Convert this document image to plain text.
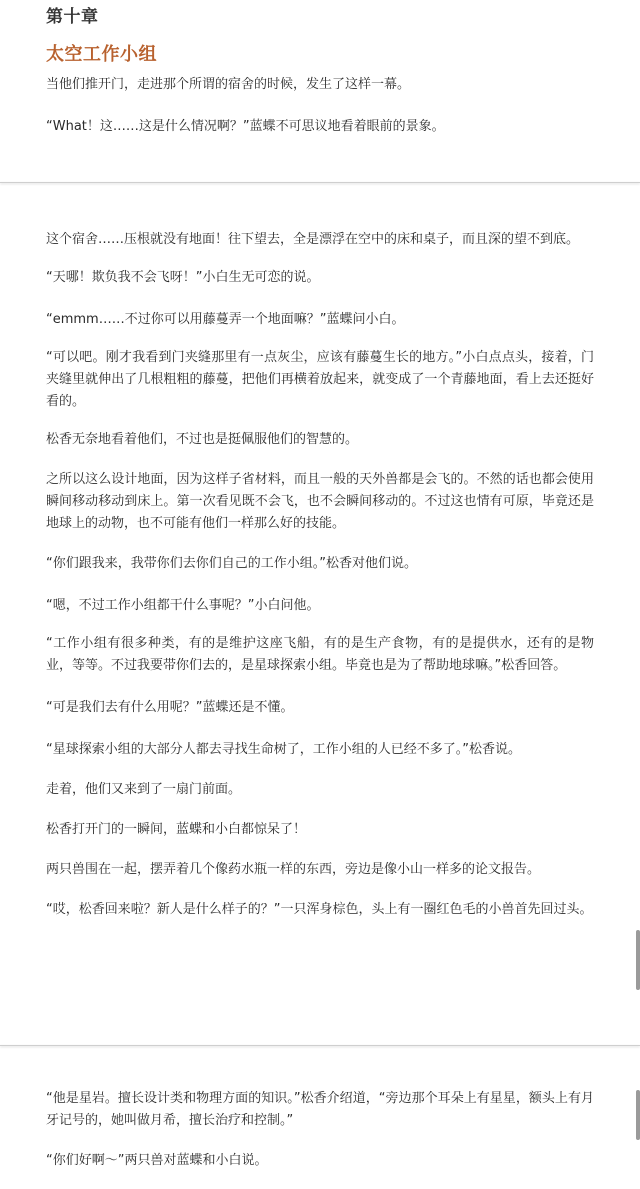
第十章
太空工作小组

当他们推开门，走进那个所谓的宿舍的时候，发生了这样一幕。

“What！这……这是什么情况啊？”蓝蝶不可思议地看着眼前的景象。

这个宿舍……压根就没有地面！往下望去，全是漂浮在空中的床和桌子，而且深的望不到底。

“天哪！欺负我不会飞呀！”小白生无可恋的说。

“emmm……不过你可以用藤蔓弄一个地面嘛？”蓝蝶问小白。

“可以吧。刚才我看到门夹缝那里有一点灰尘，应该有藤蔓生长的地方。”小白点点头，接着，门夹缝里就伸出了几根粗粗的藤蔓，把他们再横着放起来，就变成了一个青藤地面，看上去还挺好看的。

松香无奈地看着他们，不过也是挺佩服他们的智慧的。

之所以这么设计地面，因为这样子省材料，而且一般的天外兽都是会飞的。不然的话也都会使用瞬间移动移动到床上。第一次看见既不会飞，也不会瞬间移动的。不过这也情有可原，毕竟还是地球上的动物，也不可能有他们一样那么好的技能。

“你们跟我来，我带你们去你们自己的工作小组。”松香对他们说。

“嗯，不过工作小组都干什么事呢？”小白问他。

“工作小组有很多种类，有的是维护这座飞船，有的是生产食物，有的是提供水，还有的是物业，等等。不过我要带你们去的，是星球探索小组。毕竟也是为了帮助地球嘛。”松香回答。

“可是我们去有什么用呢？”蓝蝶还是不懂。

“星球探索小组的大部分人都去寻找生命树了，工作小组的人已经不多了。”松香说。

走着，他们又来到了一扇门前面。

松香打开门的一瞬间，蓝蝶和小白都惊呆了！

两只兽围在一起，摆弄着几个像药水瓶一样的东西，旁边是像小山一样多的论文报告。

“哎，松香回来啦？新人是什么样子的？”一只浑身棕色，头上有一圈红色毛的小兽首先回过头。

“他是星岩。擅长设计类和物理方面的知识。”松香介绍道，“旁边那个耳朵上有星星，额头上有月牙记号的，她叫做月希，擅长治疗和控制。”

“你们好啊～”两只兽对蓝蝶和小白说。
